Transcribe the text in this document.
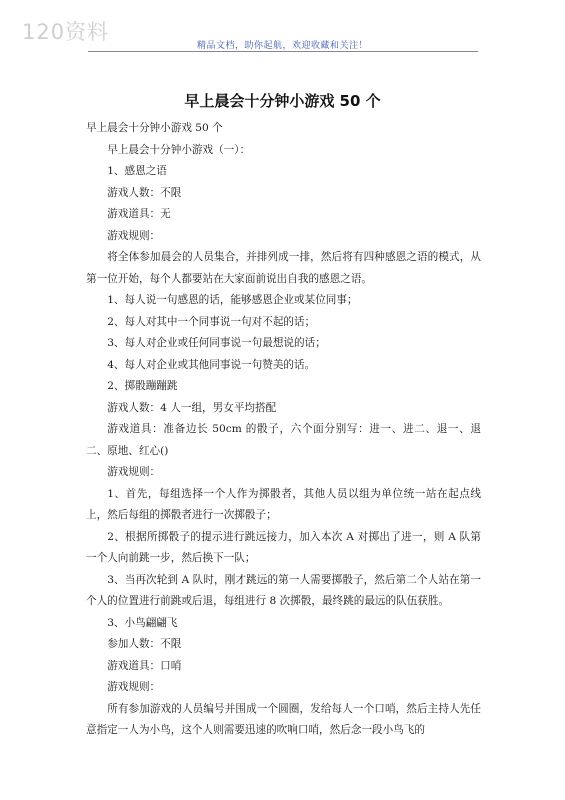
120资料
精品文档，助你起航，欢迎收藏和关注！
早上晨会十分钟小游戏 50 个

早上晨会十分钟小游戏 50 个

早上晨会十分钟小游戏（一）：

1、感恩之语

游戏人数：不限

游戏道具：无

游戏规则：

将全体参加晨会的人员集合，并排列成一排，然后将有四种感恩之语的模式，从第一位开始，每个人都要站在大家面前说出自我的感恩之语。

1、每人说一句感恩的话，能够感恩企业或某位同事；

2、每人对其中一个同事说一句对不起的话；

3、每人对企业或任何同事说一句最想说的话；

4、每人对企业或其他同事说一句赞美的话。

2、掷骰蹦蹦跳

游戏人数：4 人一组，男女平均搭配

游戏道具：准备边长 50cm 的骰子，六个面分别写：进一、进二、退一、退二、原地、红心()

游戏规则：

1、首先，每组选择一个人作为掷骰者，其他人员以组为单位统一站在起点线上，然后每组的掷骰者进行一次掷骰子；

2、根据所掷骰子的提示进行跳远接力，加入本次 A 对掷出了进一，则 A 队第一个人向前跳一步，然后换下一队；

3、当再次轮到 A 队时，刚才跳远的第一人需要掷骰子，然后第二个人站在第一个人的位置进行前跳或后退，每组进行 8 次掷骰，最终跳的最远的队伍获胜。

3、小鸟翩翩飞

参加人数：不限

游戏道具：口哨

游戏规则：

所有参加游戏的人员编号并围成一个圆圈，发给每人一个口哨，然后主持人先任意指定一人为小鸟，这个人则需要迅速的吹响口哨，然后念一段小鸟飞的
